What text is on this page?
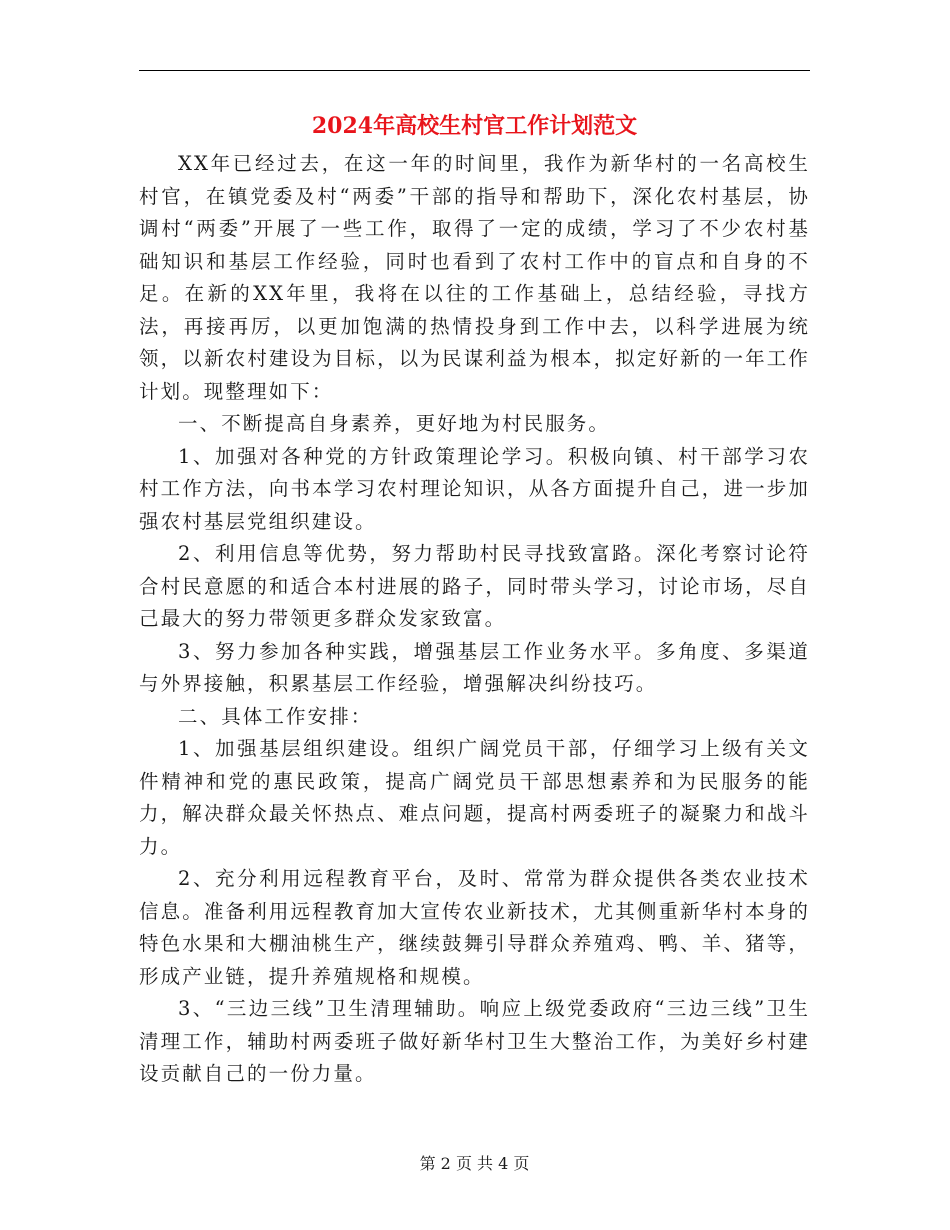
2024年高校生村官工作计划范文

XX年已经过去，在这一年的时间里，我作为新华村的一名高校生村官，在镇党委及村“两委”干部的指导和帮助下，深化农村基层，协调村“两委”开展了一些工作，取得了一定的成绩，学习了不少农村基础知识和基层工作经验，同时也看到了农村工作中的盲点和自身的不足。在新的XX年里，我将在以往的工作基础上，总结经验，寻找方法，再接再厉，以更加饱满的热情投身到工作中去，以科学进展为统领，以新农村建设为目标，以为民谋利益为根本，拟定好新的一年工作计划。现整理如下：

一、不断提高自身素养，更好地为村民服务。

1、加强对各种党的方针政策理论学习。积极向镇、村干部学习农村工作方法，向书本学习农村理论知识，从各方面提升自己，进一步加强农村基层党组织建设。

2、利用信息等优势，努力帮助村民寻找致富路。深化考察讨论符合村民意愿的和适合本村进展的路子，同时带头学习，讨论市场，尽自己最大的努力带领更多群众发家致富。

3、努力参加各种实践，增强基层工作业务水平。多角度、多渠道与外界接触，积累基层工作经验，增强解决纠纷技巧。

二、具体工作安排：

1、加强基层组织建设。组织广阔党员干部，仔细学习上级有关文件精神和党的惠民政策，提高广阔党员干部思想素养和为民服务的能力，解决群众最关怀热点、难点问题，提高村两委班子的凝聚力和战斗力。

2、充分利用远程教育平台，及时、常常为群众提供各类农业技术信息。准备利用远程教育加大宣传农业新技术，尤其侧重新华村本身的特色水果和大棚油桃生产，继续鼓舞引导群众养殖鸡、鸭、羊、猪等，形成产业链，提升养殖规格和规模。

3、“三边三线”卫生清理辅助。响应上级党委政府“三边三线”卫生清理工作，辅助村两委班子做好新华村卫生大整治工作，为美好乡村建设贡献自己的一份力量。

第 2 页 共 4 页
